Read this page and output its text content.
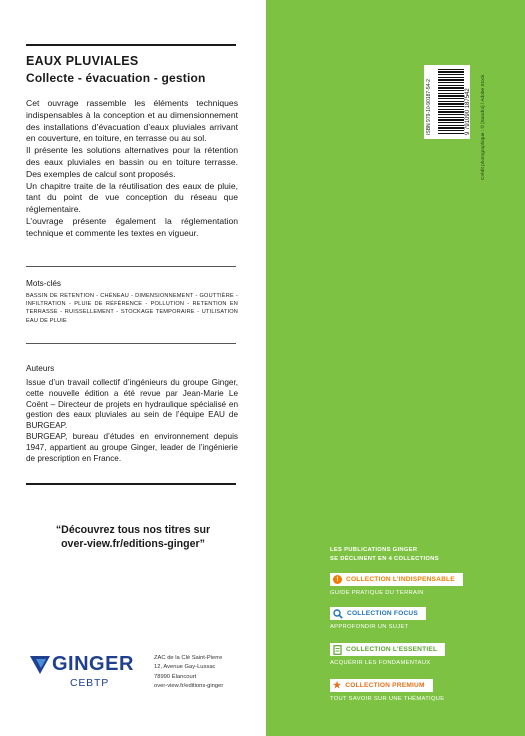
EAUX PLUVIALES
Collecte - évacuation - gestion

Cet ouvrage rassemble les éléments techniques indispensables à la conception et au dimensionnement des installations d’évacuation d’eaux pluviales arrivant en couverture, en toiture, en terrasse ou au sol.

Il présente les solutions alternatives pour la rétention des eaux pluviales en bassin ou en toiture terrasse. Des exemples de calcul sont proposés.

Un chapitre traite de la réutilisation des eaux de pluie, tant du point de vue conception du réseau que réglementaire.

L’ouvrage présente également la réglementation technique et commente les textes en vigueur.

Mots-clés
BASSIN DE RETENTION - CHÉNEAU - DIMENSIONNEMENT - GOUTTIÈRE - INFILTRATION - PLUIE DE RÉFÉRENCE - POLLUTION - RETENTION EN TERRASSE - RUISSELLEMENT - STOCKAGE TEMPORAIRE - UTILISATION EAU DE PLUIE
Auteurs

Issue d’un travail collectif d’ingénieurs du groupe Ginger, cette nouvelle édition a été revue par Jean-Marie Le Coënt – Directeur de projets en hydraulique spécialisé en gestion des eaux pluviales au sein de l’équipe EAU de BURGEAP.

BURGEAP, bureau d’études en environnement depuis 1947, appartient au groupe Ginger, leader de l’ingénierie de prescription en France.

“Découvrez tous nos titres sur
over-view.fr/editions-ginger”
GINGER
CEBTP
ZAC de la Clé Saint-Pierre
12, Avenue Gay-Lussac
78990 Élancourt
over-view.fr/editions-ginger
ISBN 979-10-90187-54-2	9 791090 187542 Crédit photographique : © [Sandro] / Adobe Stock
LES PUBLICATIONS GINGER
SE DÉCLINENT EN 4 COLLECTIONS
!	COLLECTION L’INDISPENSABLE
GUIDE PRATIQUE DU TERRAIN
COLLECTION FOCUS
APPROFONDIR UN SUJET
COLLECTION L’ESSENTIEL
ACQUÉRIR LES FONDAMENTAUX
★ COLLECTION PREMIUM
TOUT SAVOIR SUR UNE THÉMATIQUE
